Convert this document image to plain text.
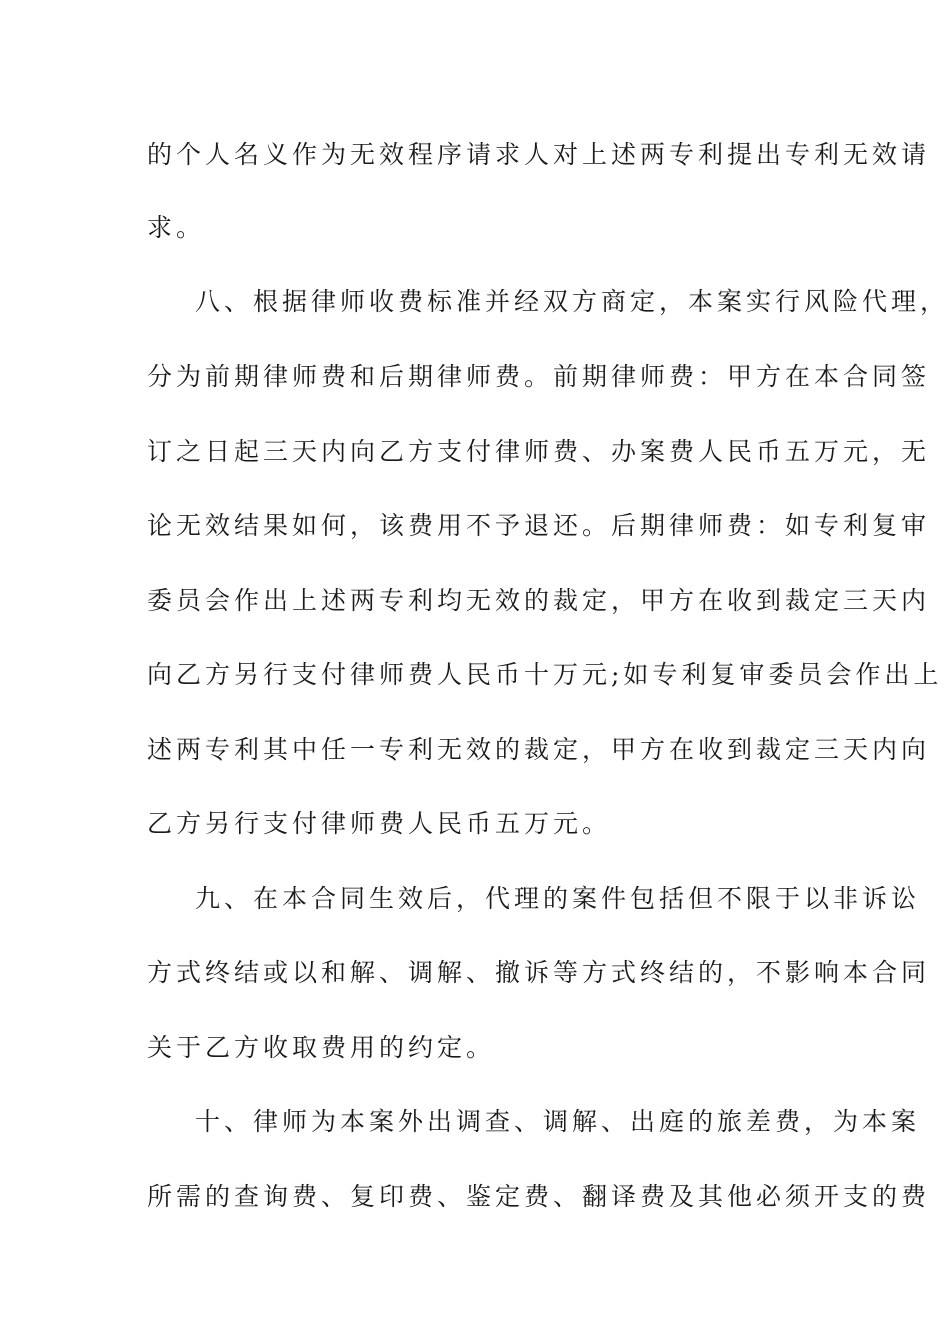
的个人名义作为无效程序请求人对上述两专利提出专利无效请
求。
八、根据律师收费标准并经双方商定，本案实行风险代理，
分为前期律师费和后期律师费。前期律师费：甲方在本合同签
订之日起三天内向乙方支付律师费、办案费人民币五万元，无
论无效结果如何，该费用不予退还。后期律师费：如专利复审
委员会作出上述两专利均无效的裁定，甲方在收到裁定三天内
向乙方另行支付律师费人民币十万元;如专利复审委员会作出上
述两专利其中任一专利无效的裁定，甲方在收到裁定三天内向
乙方另行支付律师费人民币五万元。
九、在本合同生效后，代理的案件包括但不限于以非诉讼
方式终结或以和解、调解、撤诉等方式终结的，不影响本合同
关于乙方收取费用的约定。
十、律师为本案外出调查、调解、出庭的旅差费，为本案
所需的查询费、复印费、鉴定费、翻译费及其他必须开支的费
